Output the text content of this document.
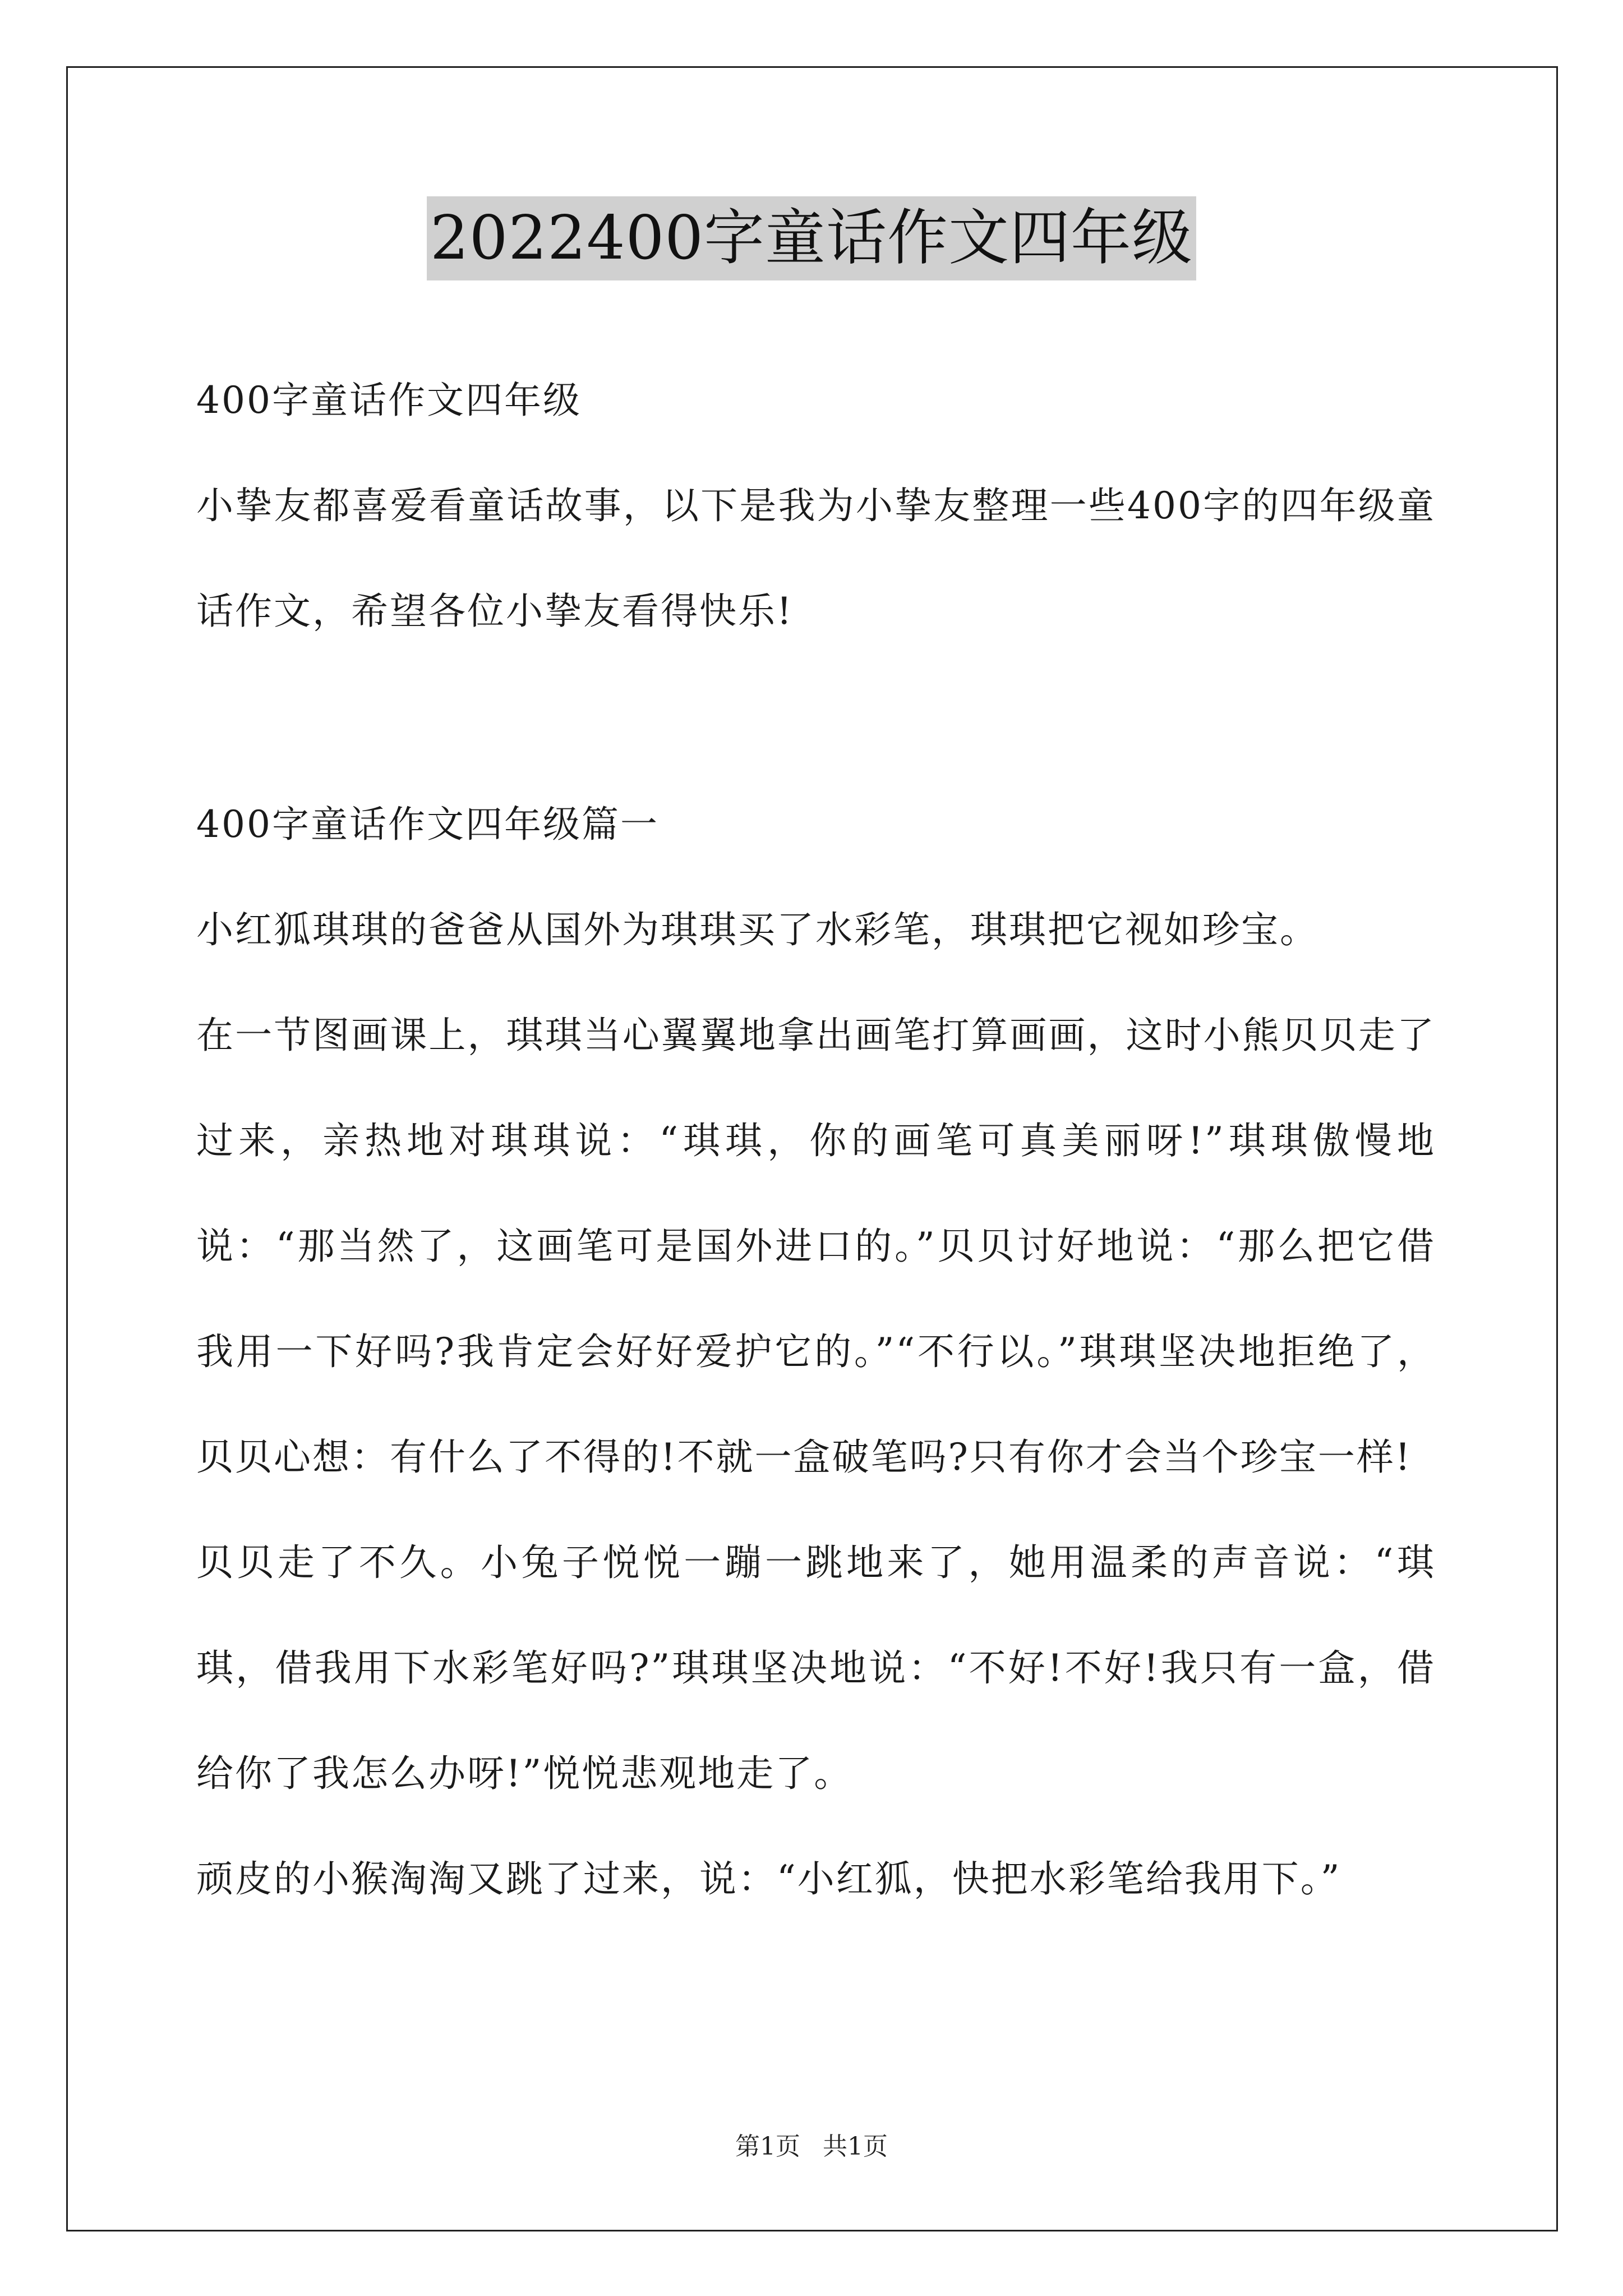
2022400字童话作文四年级

400字童话作文四年级

小挚友都喜爱看童话故事，以下是我为小挚友整理一些400字的四年级童话作文，希望各位小挚友看得快乐!

400字童话作文四年级篇一

小红狐琪琪的爸爸从国外为琪琪买了水彩笔，琪琪把它视如珍宝。

在一节图画课上，琪琪当心翼翼地拿出画笔打算画画，这时小熊贝贝走了过来，亲热地对琪琪说：“琪琪，你的画笔可真美丽呀!”琪琪傲慢地说：“那当然了，这画笔可是国外进口的。”贝贝讨好地说：“那么把它借我用一下好吗?我肯定会好好爱护它的。”“不行以。”琪琪坚决地拒绝了，贝贝心想：有什么了不得的!不就一盒破笔吗?只有你才会当个珍宝一样!

贝贝走了不久。小兔子悦悦一蹦一跳地来了，她用温柔的声音说：“琪琪，借我用下水彩笔好吗?”琪琪坚决地说：“不好!不好!我只有一盒，借给你了我怎么办呀!”悦悦悲观地走了。

顽皮的小猴淘淘又跳了过来，说：“小红狐，快把水彩笔给我用下。”

第1页 共1页
